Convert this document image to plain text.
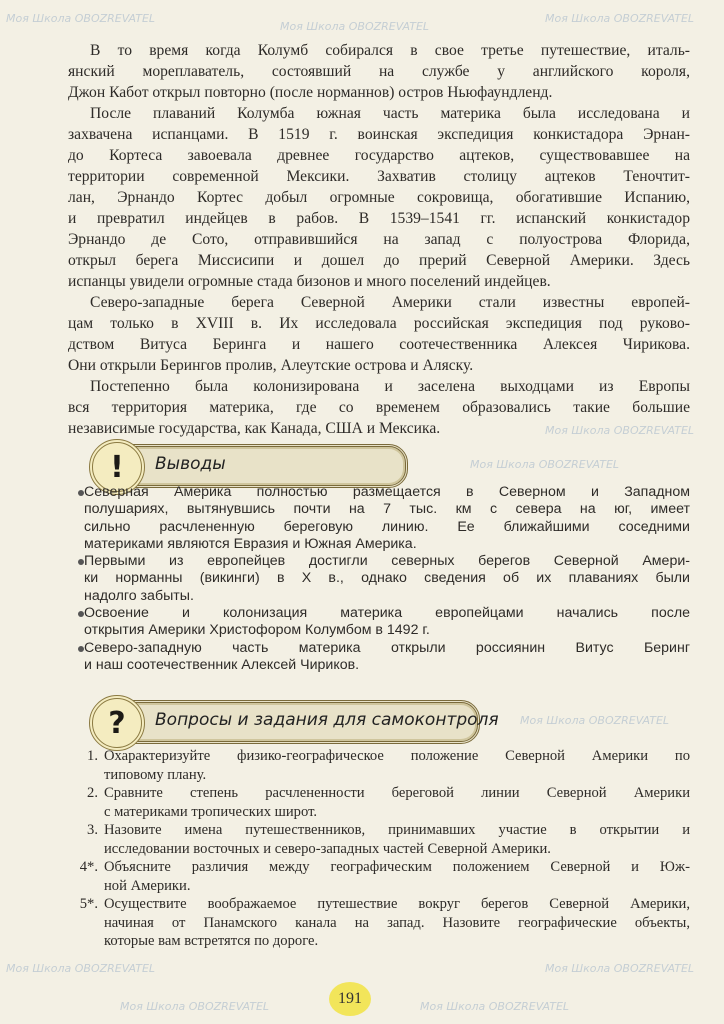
Моя Школа OBOZREVATEL
Моя Школа OBOZREVATEL
Моя Школа OBOZREVATEL
Моя Школа OBOZREVATEL
Моя Школа OBOZREVATEL
Моя Школа OBOZREVATEL
Моя Школа OBOZREVATEL	Моя Школа OBOZREVATEL
Моя Школа OBOZREVATEL	Моя Школа OBOZREVATEL
В то время когда Колумб собирался в свое третье путешествие, италь-
янский мореплаватель, состоявший на службе у английского короля,
Джон Кабот открыл повторно (после норманнов) остров Ньюфаундленд.
После плаваний Колумба южная часть материка была исследована и
захвачена испанцами. В 1519 г. воинская экспедиция конкистадора Эрнан-
до Кортеса завоевала древнее государство ацтеков, существовавшее на
территории современной Мексики. Захватив столицу ацтеков Теночтит-
лан, Эрнандо Кортес добыл огромные сокровища, обогатившие Испанию,
и превратил индейцев в рабов. В 1539–1541 гг. испанский конкистадор
Эрнандо де Сото, отправившийся на запад с полуострова Флорида,
открыл берега Миссисипи и дошел до прерий Северной Америки. Здесь
испанцы увидели огромные стада бизонов и много поселений индейцев.
Северо-западные берега Северной Америки стали известны европей-
цам только в XVIII в. Их исследовала российская экспедиция под руково-
дством Витуса Беринга и нашего соотечественника Алексея Чирикова.
Они открыли Берингов пролив, Алеутские острова и Аляску.
Постепенно была колонизирована и заселена выходцами из Европы
вся территория материка, где со временем образовались такие большие
независимые государства, как Канада, США и Мексика.
!	Выводы
Северная Америка полностью размещается в Северном и Западном
полушариях, вытянувшись почти на 7 тыс. км с севера на юг, имеет
сильно расчлененную береговую линию. Ее ближайшими соседними
материками являются Евразия и Южная Америка.
Первыми из европейцев достигли северных берегов Северной Амери-
ки норманны (викинги) в X в., однако сведения об их плаваниях были
надолго забыты.
Освоение и колонизация материка европейцами начались после
открытия Америки Христофором Колумбом в 1492 г.
Северо-западную часть материка открыли россиянин Витус Беринг
и наш соотечественник Алексей Чириков.
?	Вопросы и задания для самоконтроля
1. Охарактеризуйте физико-географическое положение Северной Америки по
типовому плану.
2. Сравните степень расчлененности береговой линии Северной Америки
с материками тропических широт.
3. Назовите имена путешественников, принимавших участие в открытии и
исследовании восточных и северо-западных частей Северной Америки.
4*. Объясните различия между географическим положением Северной и Юж-
ной Америки.
5*. Осуществите воображаемое путешествие вокруг берегов Северной Америки,
начиная от Панамского канала на запад. Назовите географические объекты,
которые вам встретятся по дороге.
191
